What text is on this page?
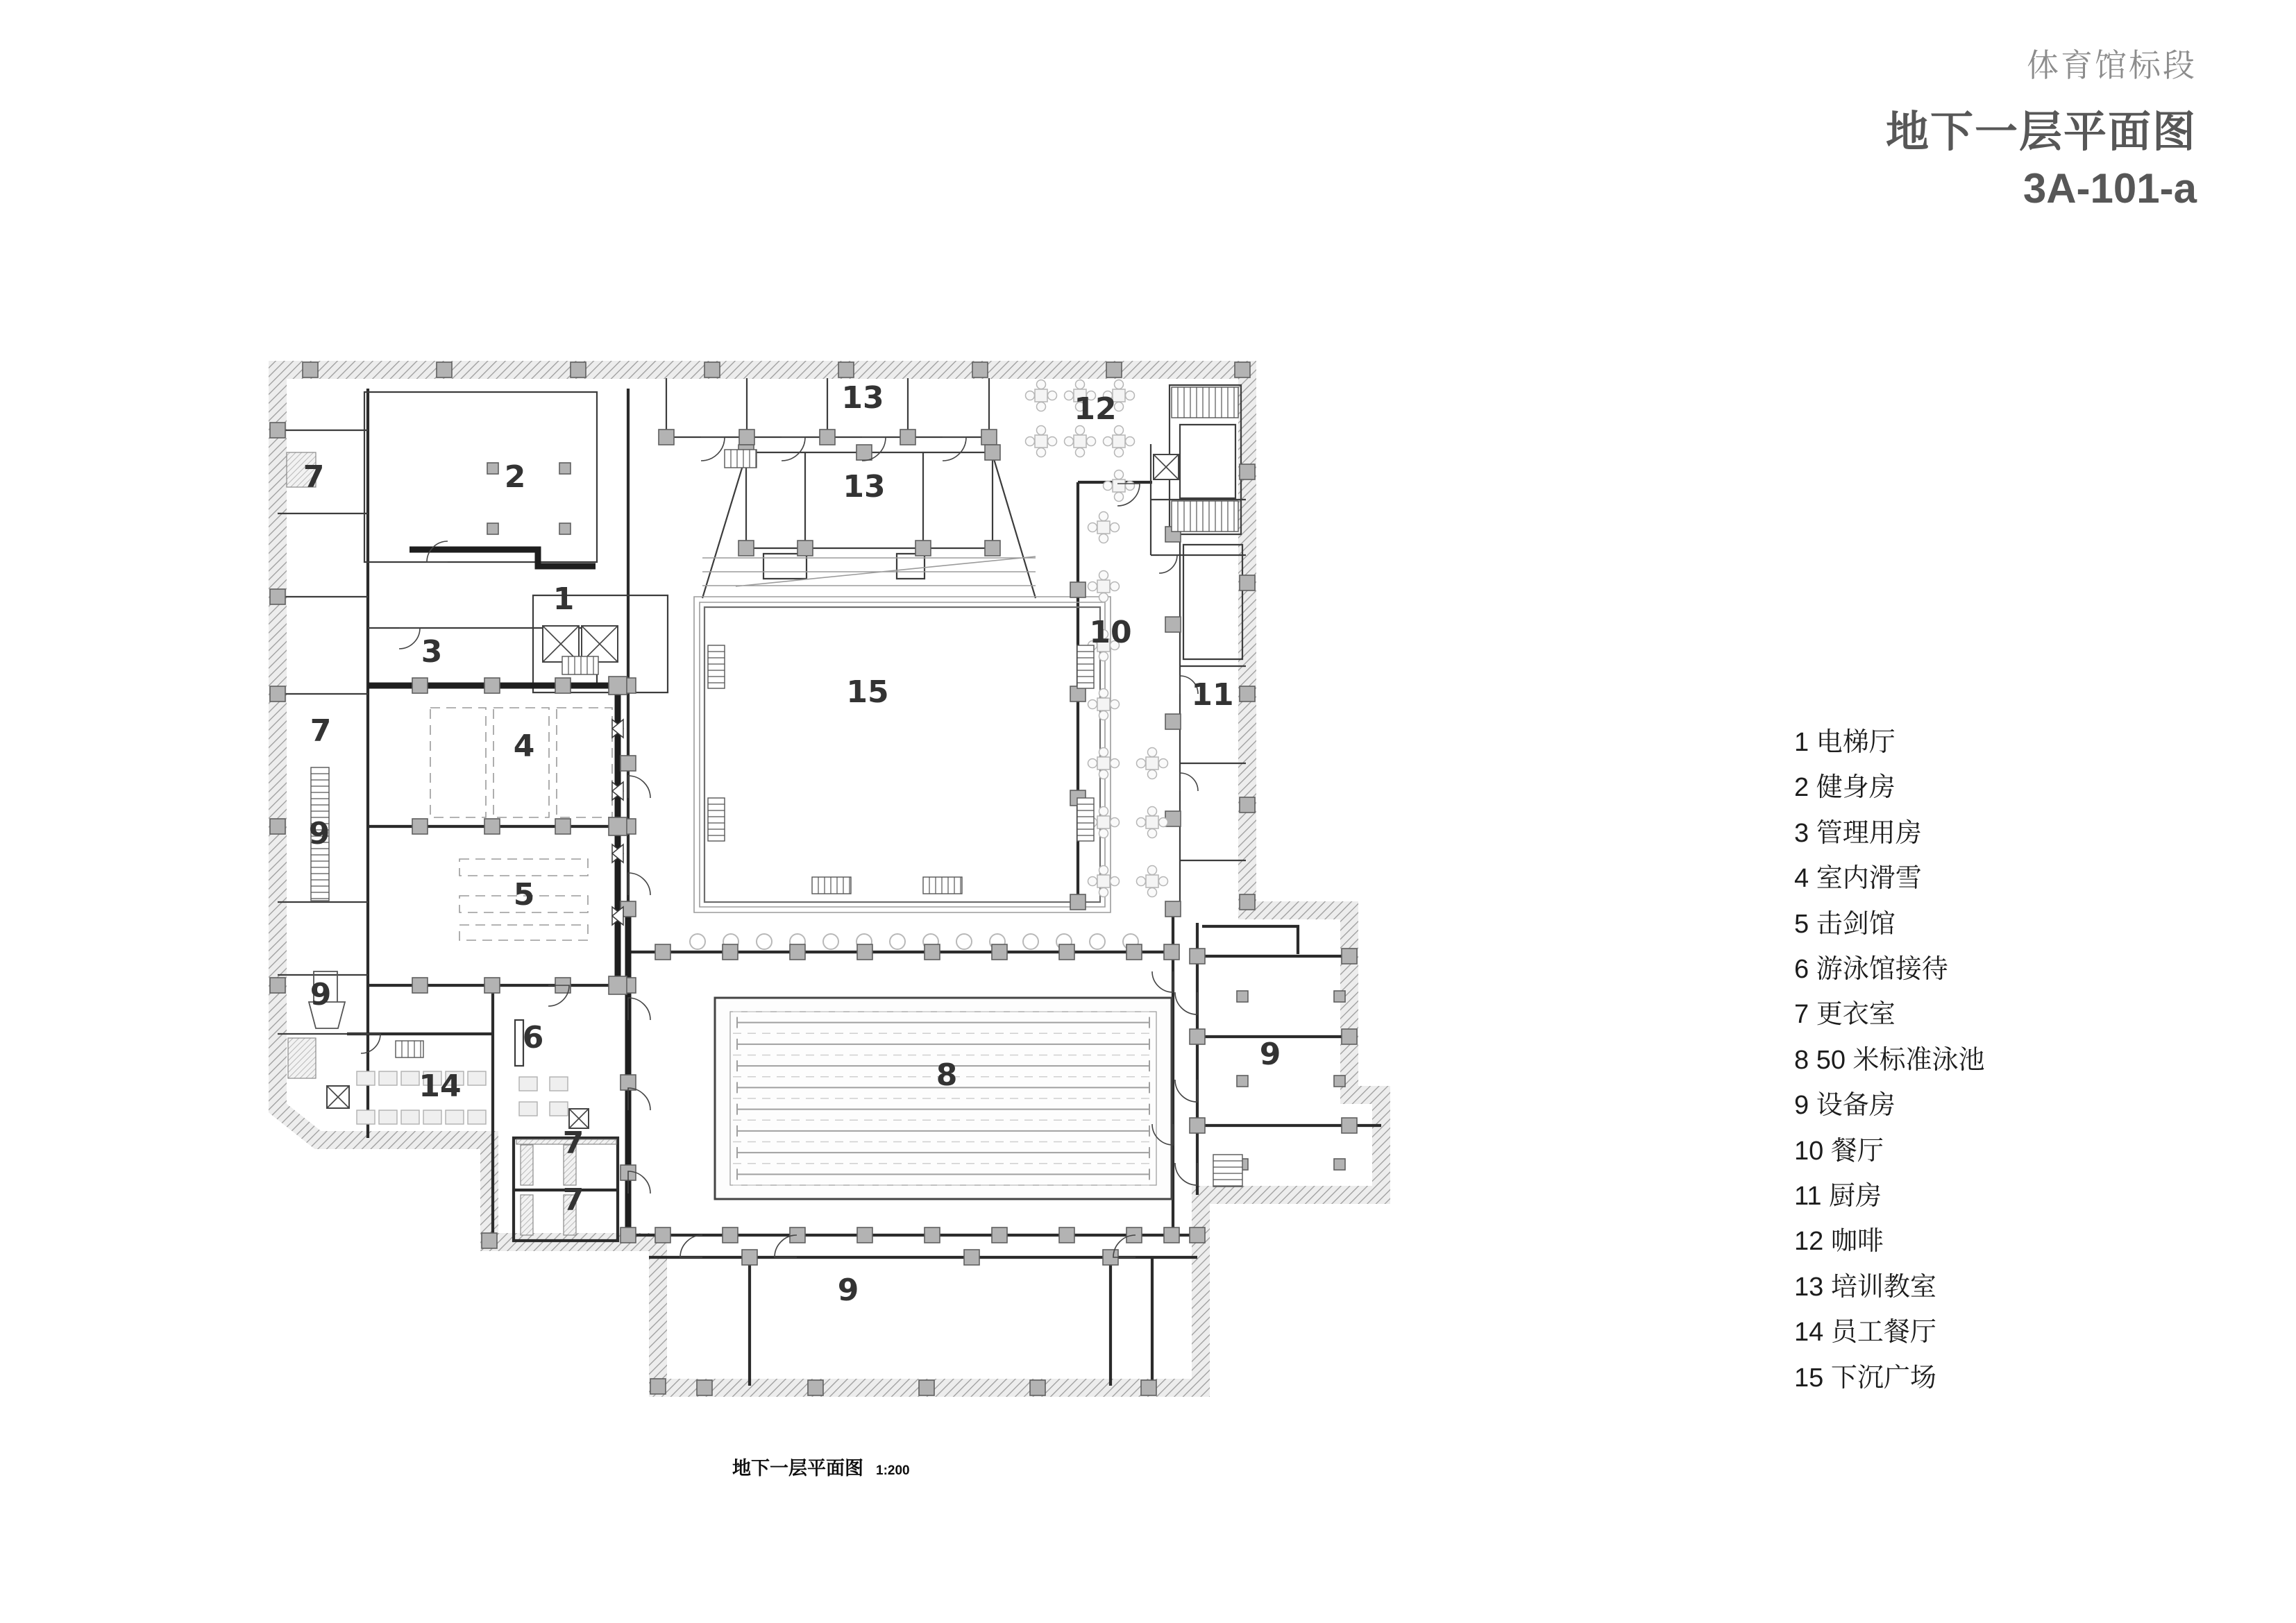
1
2
3
4
5
6
7
7
7
7
8
9
9
9
9
10
11
12
13
13
14
15
体育馆标段
地下一层平面图
3A-101-a
1 电梯厅
2 健身房
3 管理用房
4 室内滑雪
5 击剑馆
6 游泳馆接待
7 更衣室
8 50 米标准泳池
9 设备房
10 餐厅
11 厨房
12 咖啡
13 培训教室
14 员工餐厅
15 下沉广场
地下一层平面图 1:200
